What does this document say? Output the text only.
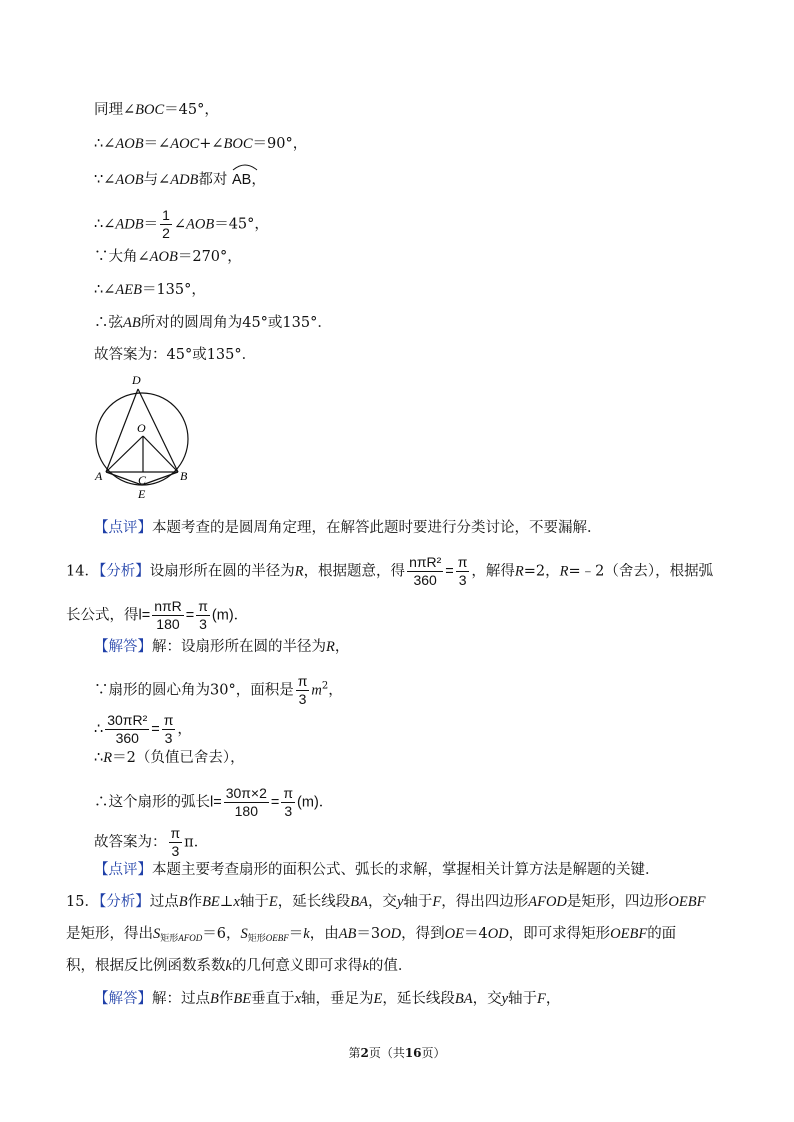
同理∠BOC＝45°，
∴∠AOB＝∠AOC+∠BOC＝90°，
∵∠AOB与∠ADB都对 AB，
∴∠ADB＝ $\frac{1}{2}$ ∠AOB＝45°，
∵大角∠AOB＝270°，
∴∠AEB＝135°，
∴弦AB所对的圆周角为45°或135°．
故答案为：45°或135°．
D
O
A	C	B
E
【点评】本题考查的是圆周角定理，在解答此题时要进行分类讨论，不要漏解．
14．【分析】设扇形所在圆的半径为R，根据题意，得 $\frac{\text{nπR²}}{360} = \frac{\pi}{3}$ ，解得R=2，R=﹣2（舍去），根据弧
长公式，得$l= \frac{\text{nπR}}{180} = \frac{\pi}{3} (m)$．
【解答】解：设扇形所在圆的半径为R，
∵扇形的圆心角为30°，面积是 $\frac{\pi}{3} m^2$，
∴ $\frac{\text{30πR²}}{360} = \frac{\pi}{3}$ ，
∴R＝2（负值已舍去），
∴这个扇形的弧长$l= \frac{30\pi\times 2}{180} = \frac{\pi}{3} (m)$．
故答案为： $\frac{\pi}{3}$ π．
【点评】本题主要考查扇形的面积公式、弧长的求解，掌握相关计算方法是解题的关键．
15．【分析】过点B作BE⊥x轴于E，延长线段BA，交y轴于F，得出四边形AFOD是矩形，四边形OEBF
是矩形，得出$S_{矩形AFOD}=6$，$S_{矩形OEBF}=k$，由AB＝3OD，得到OE＝4OD，即可求得矩形OEBF的面
积，根据反比例函数系数k的几何意义即可求得k的值．
【解答】解：过点B作BE垂直于x轴，垂足为E，延长线段BA，交y轴于F，
第2页（共16页）
